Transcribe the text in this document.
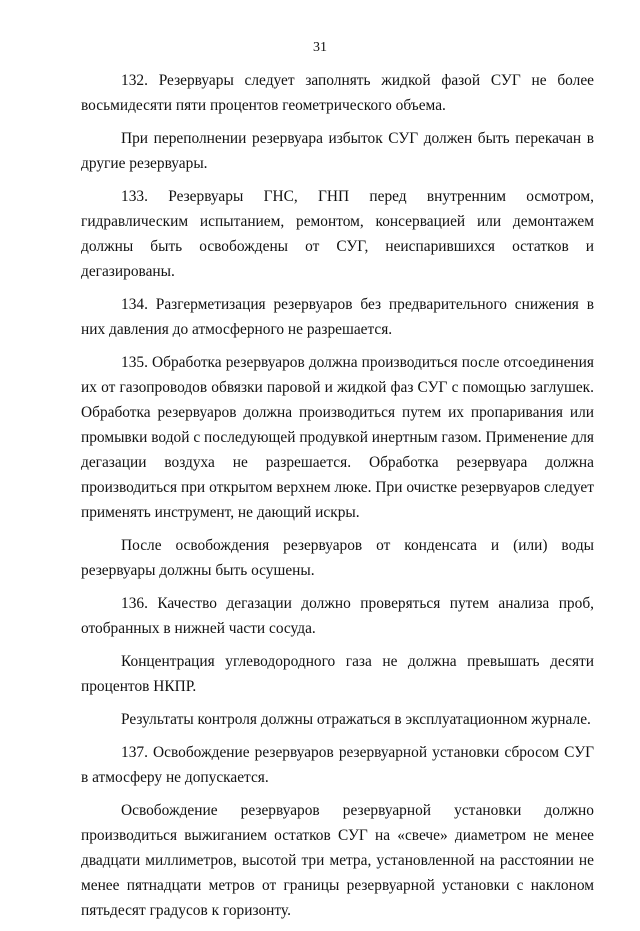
31

132. Резервуары следует заполнять жидкой фазой СУГ не более восьмидесяти пяти процентов геометрического объема.

При переполнении резервуара избыток СУГ должен быть перекачан в другие резервуары.

133. Резервуары ГНС, ГНП перед внутренним осмотром, гидравлическим испытанием, ремонтом, консервацией или демонтажем должны быть освобождены от СУГ, неиспарившихся остатков и дегазированы.

134. Разгерметизация резервуаров без предварительного снижения в них давления до атмосферного не разрешается.

135. Обработка резервуаров должна производиться после отсоединения их от газопроводов обвязки паровой и жидкой фаз СУГ с помощью заглушек. Обработка резервуаров должна производиться путем их пропаривания или промывки водой с последующей продувкой инертным газом. Применение для дегазации воздуха не разрешается. Обработка резервуара должна производиться при открытом верхнем люке. При очистке резервуаров следует применять инструмент, не дающий искры.

После освобождения резервуаров от конденсата и (или) воды резервуары должны быть осушены.

136. Качество дегазации должно проверяться путем анализа проб, отобранных в нижней части сосуда.

Концентрация углеводородного газа не должна превышать десяти процентов НКПР.

Результаты контроля должны отражаться в эксплуатационном журнале.

137. Освобождение резервуаров резервуарной установки сбросом СУГ в атмосферу не допускается.

Освобождение резервуаров резервуарной установки должно производиться выжиганием остатков СУГ на «свече» диаметром не менее двадцати миллиметров, высотой три метра, установленной на расстоянии не менее пятнадцати метров от границы резервуарной установки с наклоном пятьдесят градусов к горизонту.
